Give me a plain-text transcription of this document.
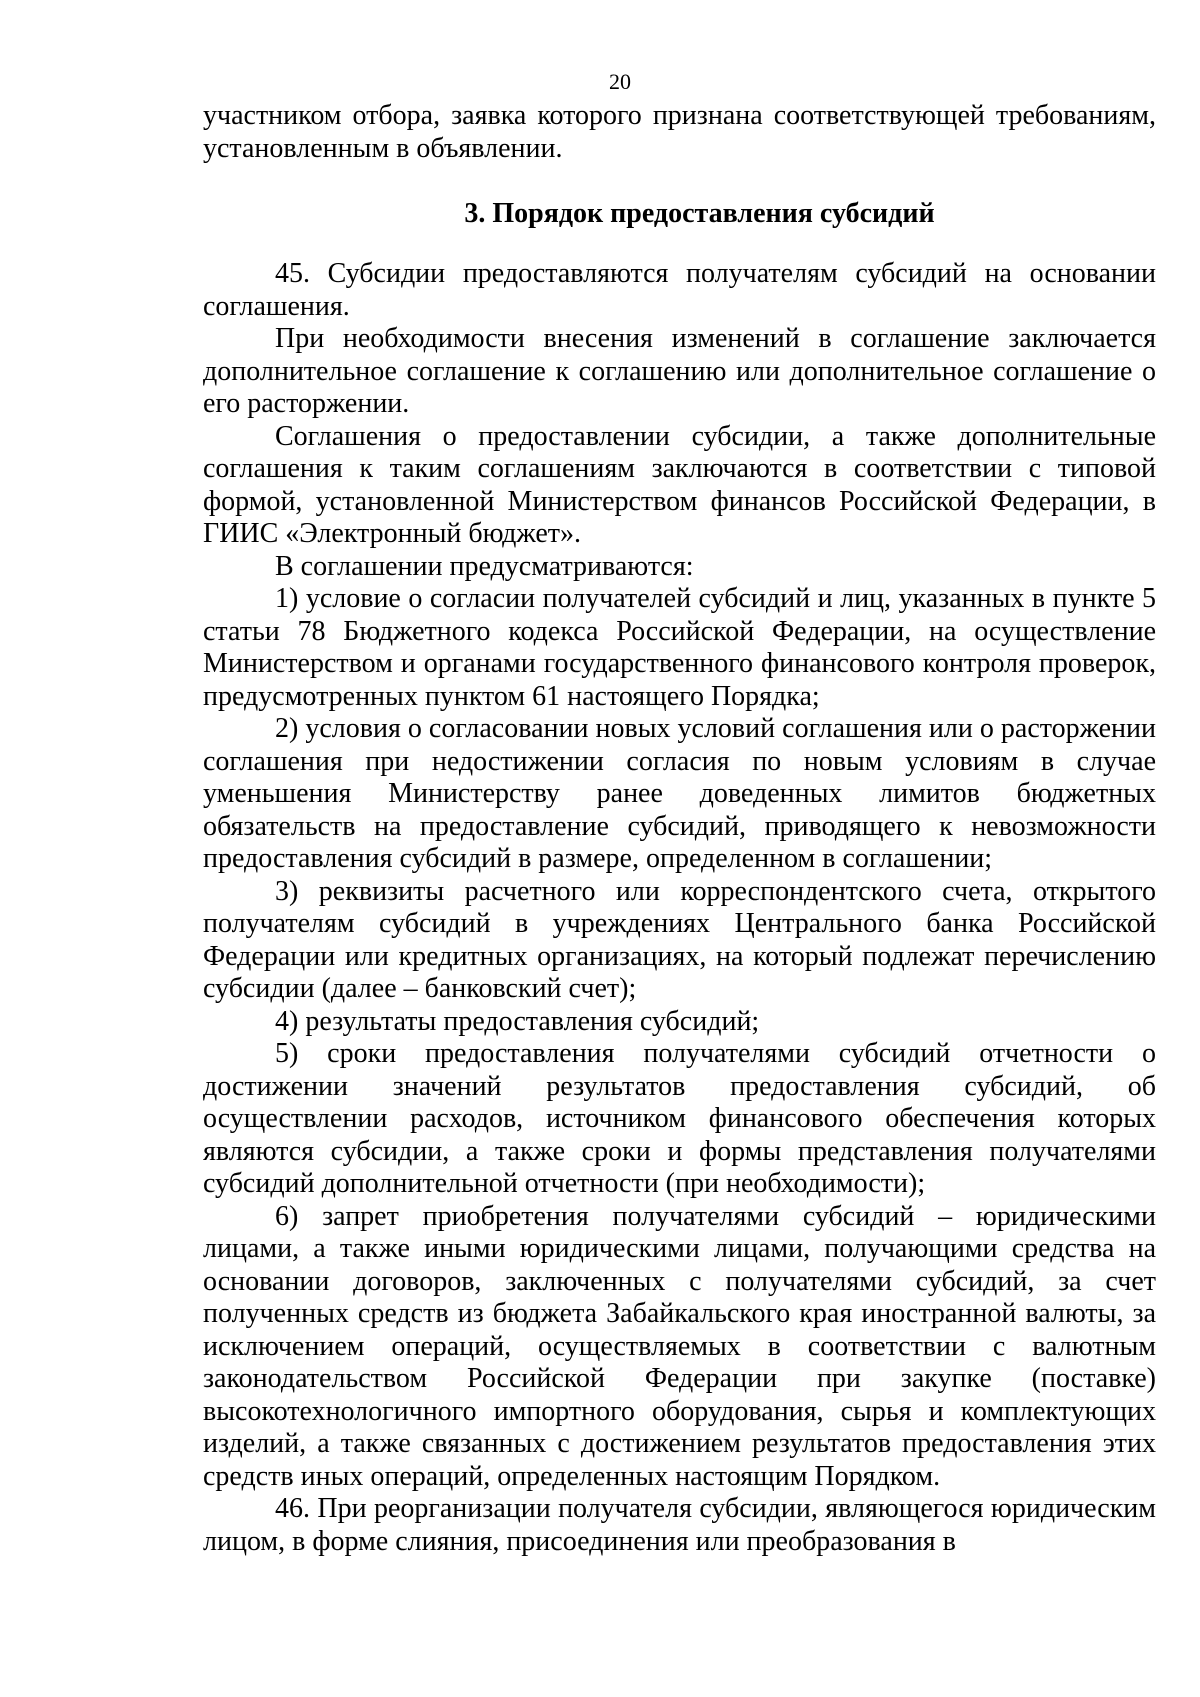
20

участником отбора, заявка которого признана соответствующей требованиям, установленным в объявлении.

3. Порядок предоставления субсидий

45. Субсидии предоставляются получателям субсидий на основании соглашения.

При необходимости внесения изменений в соглашение заключается дополнительное соглашение к соглашению или дополнительное соглашение о его расторжении.

Соглашения о предоставлении субсидии, а также дополнительные соглашения к таким соглашениям заключаются в соответствии с типовой формой, установленной Министерством финансов Российской Федерации, в ГИИС «Электронный бюджет».

В соглашении предусматриваются:

1) условие о согласии получателей субсидий и лиц, указанных в пункте 5 статьи 78 Бюджетного кодекса Российской Федерации, на осуществление Министерством и органами государственного финансового контроля проверок, предусмотренных пунктом 61 настоящего Порядка;

2) условия о согласовании новых условий соглашения или о расторжении соглашения при недостижении согласия по новым условиям в случае уменьшения Министерству ранее доведенных лимитов бюджетных обязательств на предоставление субсидий, приводящего к невозможности предоставления субсидий в размере, определенном в соглашении;

3) реквизиты расчетного или корреспондентского счета, открытого получателям субсидий в учреждениях Центрального банка Российской Федерации или кредитных организациях, на который подлежат перечислению субсидии (далее – банковский счет);

4) результаты предоставления субсидий;

5) сроки предоставления получателями субсидий отчетности о достижении значений результатов предоставления субсидий, об осуществлении расходов, источником финансового обеспечения которых являются субсидии, а также сроки и формы представления получателями субсидий дополнительной отчетности (при необходимости);

6) запрет приобретения получателями субсидий – юридическими лицами, а также иными юридическими лицами, получающими средства на основании договоров, заключенных с получателями субсидий, за счет полученных средств из бюджета Забайкальского края иностранной валюты, за исключением операций, осуществляемых в соответствии с валютным законодательством Российской Федерации при закупке (поставке) высокотехнологичного импортного оборудования, сырья и комплектующих изделий, а также связанных с достижением результатов предоставления этих средств иных операций, определенных настоящим Порядком.

46. При реорганизации получателя субсидии, являющегося юридическим лицом, в форме слияния, присоединения или преобразования в
